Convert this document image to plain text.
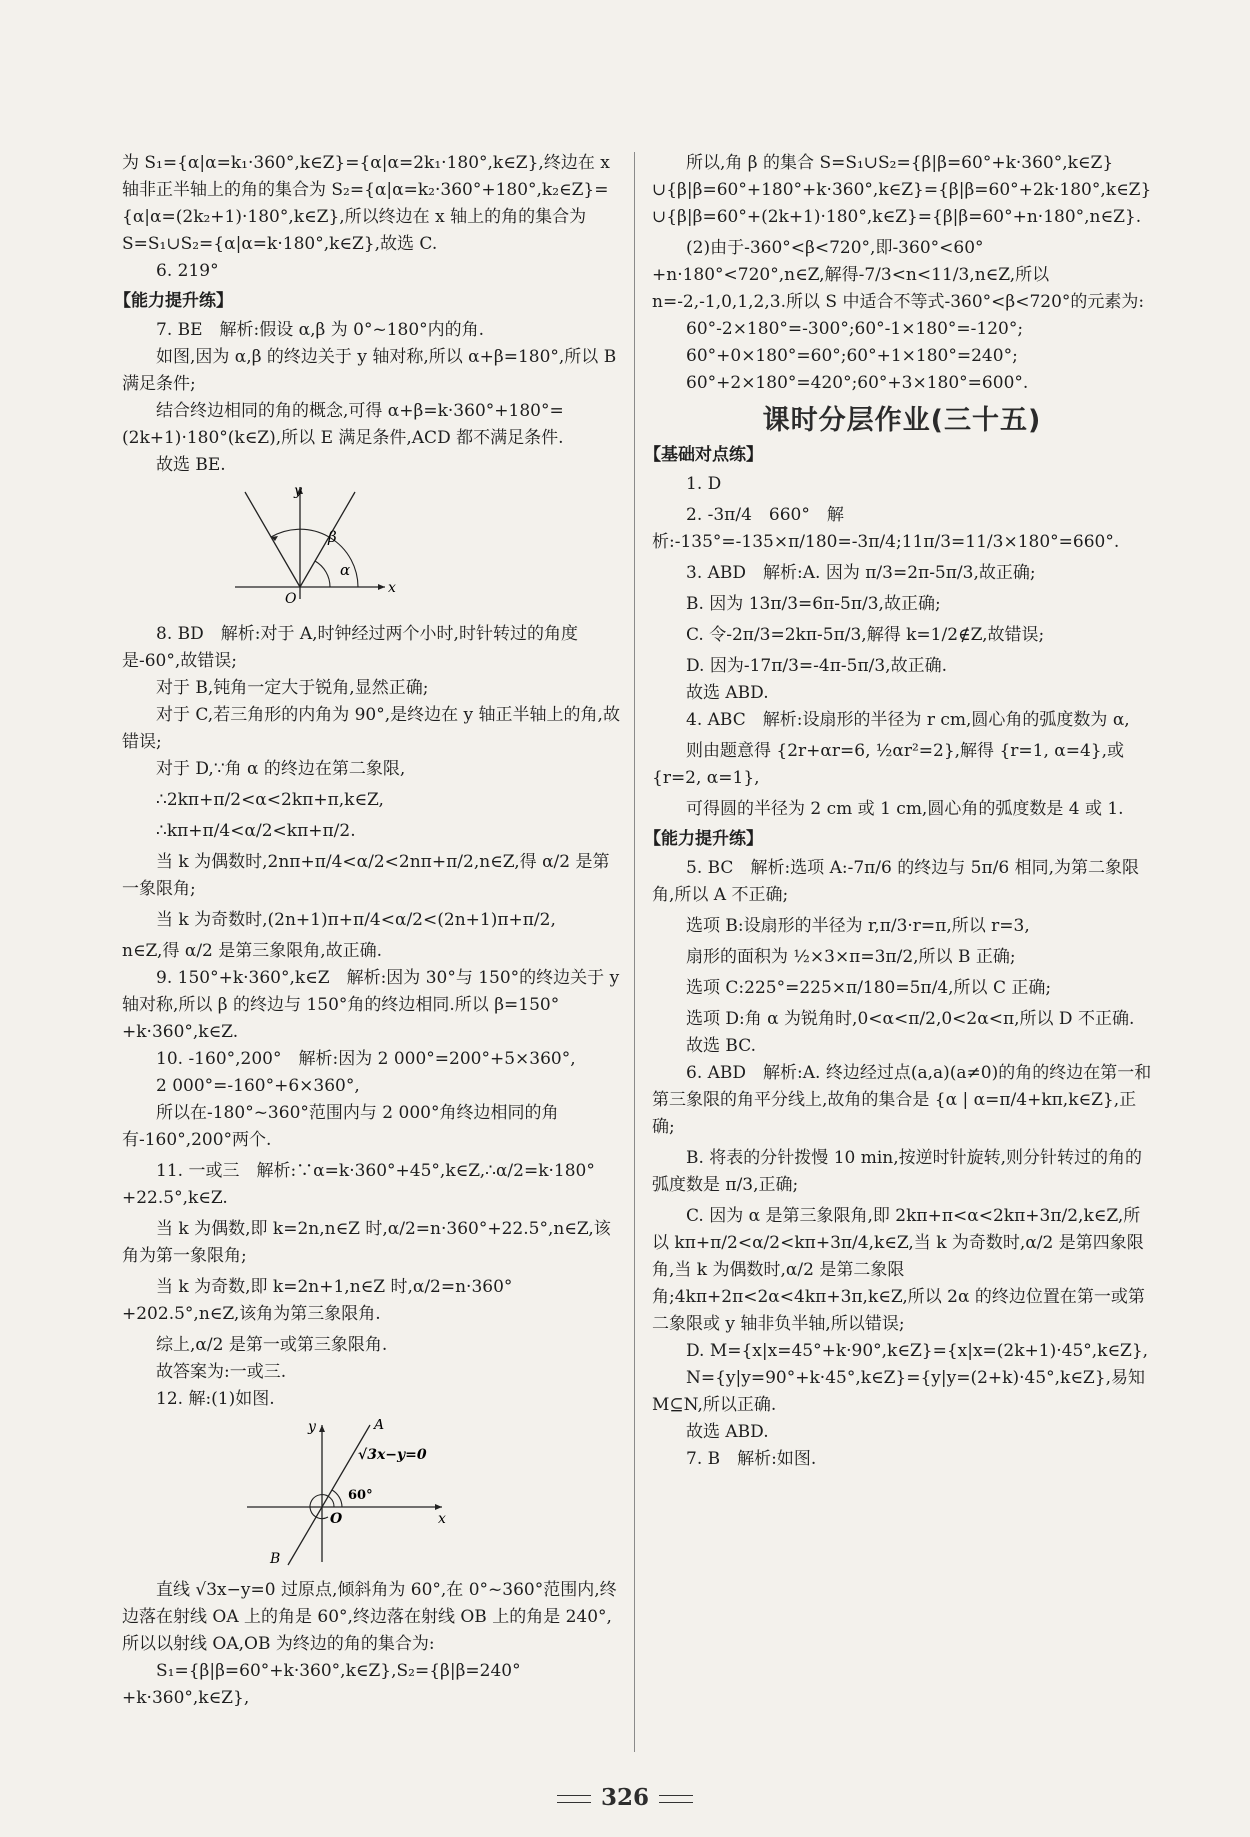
为 S₁={α|α=k₁·360°,k∈Z}={α|α=2k₁·180°,k∈Z},终边在 x 轴非正半轴上的角的集合为 S₂={α|α=k₂·360°+180°,k₂∈Z}={α|α=(2k₂+1)·180°,k∈Z},所以终边在 x 轴上的角的集合为 S=S₁∪S₂={α|α=k·180°,k∈Z},故选 C.

6. 219°

【能力提升练】

7. BE　解析:假设 α,β 为 0°~180°内的角.

如图,因为 α,β 的终边关于 y 轴对称,所以 α+β=180°,所以 B 满足条件;

结合终边相同的角的概念,可得 α+β=k·360°+180°=(2k+1)·180°(k∈Z),所以 E 满足条件,ACD 都不满足条件.

故选 BE.

y
x
O
β
α

8. BD　解析:对于 A,时钟经过两个小时,时针转过的角度是-60°,故错误;

对于 B,钝角一定大于锐角,显然正确;

对于 C,若三角形的内角为 90°,是终边在 y 轴正半轴上的角,故错误;

对于 D,∵角 α 的终边在第二象限,

∴2kπ+π/2<α<2kπ+π,k∈Z,

∴kπ+π/4<α/2<kπ+π/2.

当 k 为偶数时,2nπ+π/4<α/2<2nπ+π/2,n∈Z,得 α/2 是第一象限角;

当 k 为奇数时,(2n+1)π+π/4<α/2<(2n+1)π+π/2,

n∈Z,得 α/2 是第三象限角,故正确.

9. 150°+k·360°,k∈Z　解析:因为 30°与 150°的终边关于 y 轴对称,所以 β 的终边与 150°角的终边相同.所以 β=150°+k·360°,k∈Z.

10. -160°,200°　解析:因为 2 000°=200°+5×360°,

2 000°=-160°+6×360°,

所以在-180°~360°范围内与 2 000°角终边相同的角有-160°,200°两个.

11. 一或三　解析:∵α=k·360°+45°,k∈Z,∴α/2=k·180°+22.5°,k∈Z.

当 k 为偶数,即 k=2n,n∈Z 时,α/2=n·360°+22.5°,n∈Z,该角为第一象限角;

当 k 为奇数,即 k=2n+1,n∈Z 时,α/2=n·360°+202.5°,n∈Z,该角为第三象限角.

综上,α/2 是第一或第三象限角.

故答案为:一或三.

12. 解:(1)如图.

y	A
√3x−y=0
60°
O	x
B

直线 √3x−y=0 过原点,倾斜角为 60°,在 0°~360°范围内,终边落在射线 OA 上的角是 60°,终边落在射线 OB 上的角是 240°,所以以射线 OA,OB 为终边的角的集合为:

S₁={β|β=60°+k·360°,k∈Z},S₂={β|β=240°+k·360°,k∈Z},

所以,角 β 的集合 S=S₁∪S₂={β|β=60°+k·360°,k∈Z}∪{β|β=60°+180°+k·360°,k∈Z}={β|β=60°+2k·180°,k∈Z}∪{β|β=60°+(2k+1)·180°,k∈Z}={β|β=60°+n·180°,n∈Z}.

(2)由于-360°<β<720°,即-360°<60°+n·180°<720°,n∈Z,解得-7/3<n<11/3,n∈Z,所以 n=-2,-1,0,1,2,3.所以 S 中适合不等式-360°<β<720°的元素为:

60°-2×180°=-300°;60°-1×180°=-120°;

60°+0×180°=60°;60°+1×180°=240°;

60°+2×180°=420°;60°+3×180°=600°.

课时分层作业(三十五)

【基础对点练】

1. D

2. -3π/4　660°　解析:-135°=-135×π/180=-3π/4;11π/3=11/3×180°=660°.

3. ABD　解析:A. 因为 π/3=2π-5π/3,故正确;

B. 因为 13π/3=6π-5π/3,故正确;

C. 令-2π/3=2kπ-5π/3,解得 k=1/2∉Z,故错误;

D. 因为-17π/3=-4π-5π/3,故正确.

故选 ABD.

4. ABC　解析:设扇形的半径为 r cm,圆心角的弧度数为 α,

则由题意得 {2r+αr=6, ½αr²=2},解得 {r=1, α=4},或 {r=2, α=1},

可得圆的半径为 2 cm 或 1 cm,圆心角的弧度数是 4 或 1.

【能力提升练】

5. BC　解析:选项 A:-7π/6 的终边与 5π/6 相同,为第二象限角,所以 A 不正确;

选项 B:设扇形的半径为 r,π/3·r=π,所以 r=3,

扇形的面积为 ½×3×π=3π/2,所以 B 正确;

选项 C:225°=225×π/180=5π/4,所以 C 正确;

选项 D:角 α 为锐角时,0<α<π/2,0<2α<π,所以 D 不正确.

故选 BC.

6. ABD　解析:A. 终边经过点(a,a)(a≠0)的角的终边在第一和第三象限的角平分线上,故角的集合是 {α | α=π/4+kπ,k∈Z},正确;

B. 将表的分针拨慢 10 min,按逆时针旋转,则分针转过的角的弧度数是 π/3,正确;

C. 因为 α 是第三象限角,即 2kπ+π<α<2kπ+3π/2,k∈Z,所以 kπ+π/2<α/2<kπ+3π/4,k∈Z,当 k 为奇数时,α/2 是第四象限角,当 k 为偶数时,α/2 是第二象限角;4kπ+2π<2α<4kπ+3π,k∈Z,所以 2α 的终边位置在第一或第二象限或 y 轴非负半轴,所以错误;

D. M={x|x=45°+k·90°,k∈Z}={x|x=(2k+1)·45°,k∈Z},

N={y|y=90°+k·45°,k∈Z}={y|y=(2+k)·45°,k∈Z},易知 M⊆N,所以正确.

故选 ABD.

7. B　解析:如图.

326
